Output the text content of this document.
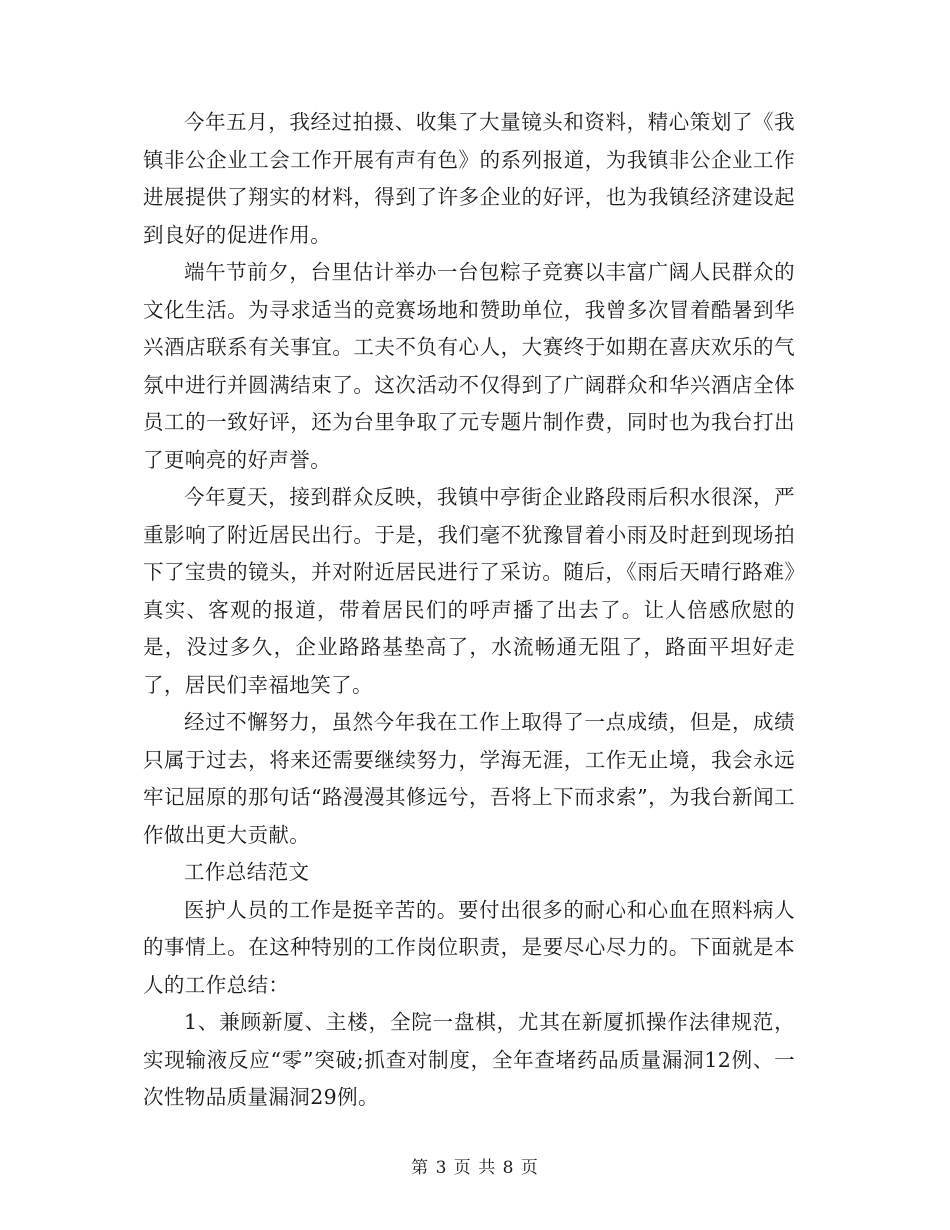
今年五月，我经过拍摄、收集了大量镜头和资料，精心策划了《我镇非公企业工会工作开展有声有色》的系列报道，为我镇非公企业工作进展提供了翔实的材料，得到了许多企业的好评，也为我镇经济建设起到良好的促进作用。

端午节前夕，台里估计举办一台包粽子竞赛以丰富广阔人民群众的文化生活。为寻求适当的竞赛场地和赞助单位，我曾多次冒着酷暑到华兴酒店联系有关事宜。工夫不负有心人，大赛终于如期在喜庆欢乐的气氛中进行并圆满结束了。这次活动不仅得到了广阔群众和华兴酒店全体员工的一致好评，还为台里争取了元专题片制作费，同时也为我台打出了更响亮的好声誉。

今年夏天，接到群众反映，我镇中亭街企业路段雨后积水很深，严重影响了附近居民出行。于是，我们毫不犹豫冒着小雨及时赶到现场拍下了宝贵的镜头，并对附近居民进行了采访。随后，《雨后天晴行路难》真实、客观的报道，带着居民们的呼声播了出去了。让人倍感欣慰的是，没过多久，企业路路基垫高了，水流畅通无阻了，路面平坦好走了，居民们幸福地笑了。

经过不懈努力，虽然今年我在工作上取得了一点成绩，但是，成绩只属于过去，将来还需要继续努力，学海无涯，工作无止境，我会永远牢记屈原的那句话“路漫漫其修远兮，吾将上下而求索”，为我台新闻工作做出更大贡献。

工作总结范文

医护人员的工作是挺辛苦的。要付出很多的耐心和心血在照料病人的事情上。在这种特别的工作岗位职责，是要尽心尽力的。下面就是本人的工作总结：

1、兼顾新厦、主楼，全院一盘棋，尤其在新厦抓操作法律规范，实现输液反应“零”突破;抓查对制度，全年查堵药品质量漏洞12例、一次性物品质量漏洞29例。

第 3 页 共 8 页
